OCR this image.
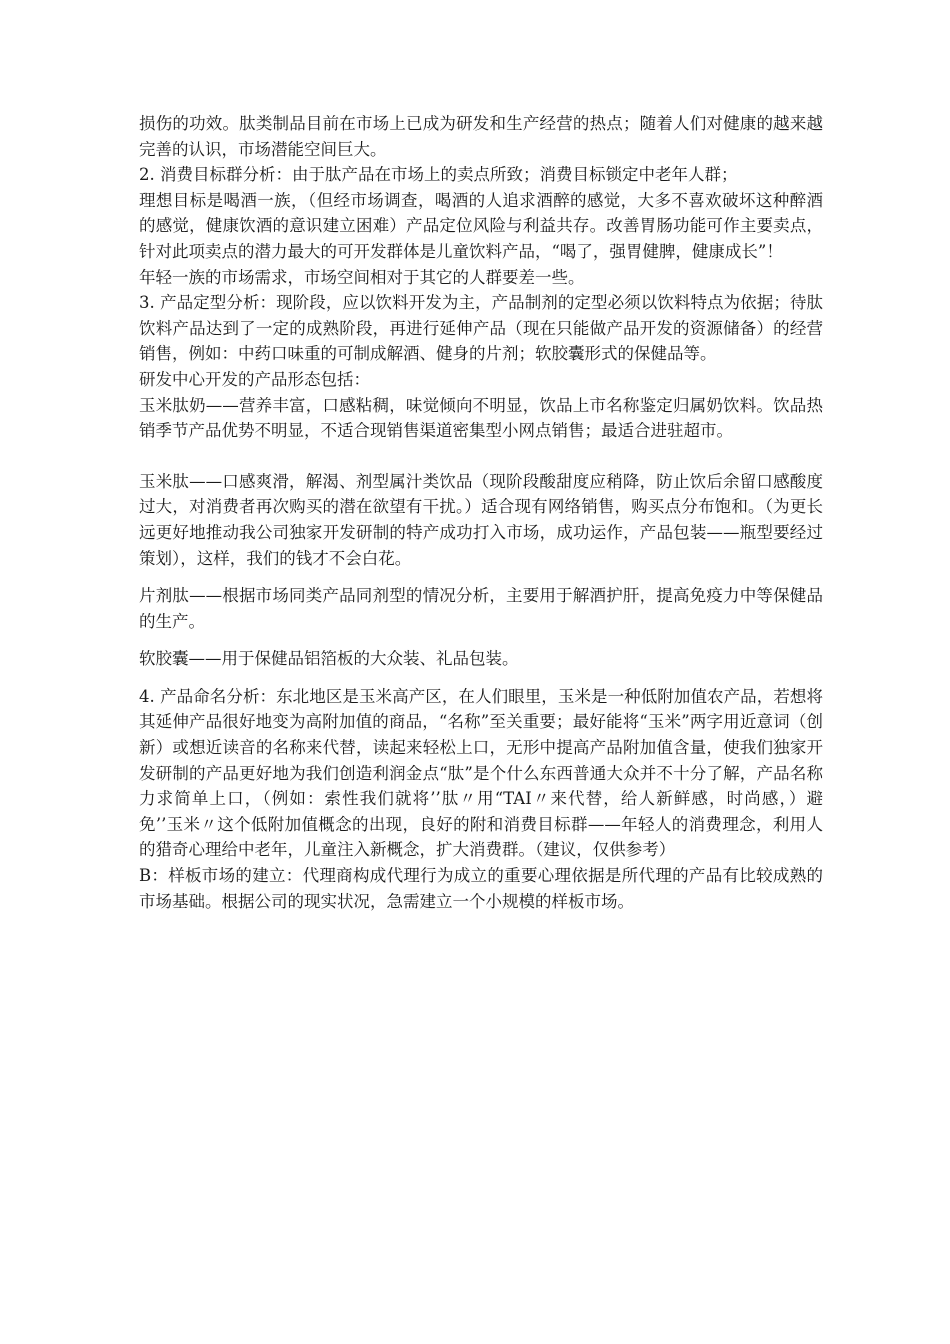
损伤的功效。肽类制品目前在市场上已成为研发和生产经营的热点；随着人们对健康的越来越完善的认识，市场潜能空间巨大。

2. 消费目标群分析：由于肽产品在市场上的卖点所致；消费目标锁定中老年人群；

理想目标是喝酒一族，（但经市场调查，喝酒的人追求酒醉的感觉，大多不喜欢破坏这种醉酒的感觉，健康饮酒的意识建立困难）产品定位风险与利益共存。改善胃肠功能可作主要卖点，针对此项卖点的潜力最大的可开发群体是儿童饮料产品，“喝了，强胃健脾，健康成长”！

年轻一族的市场需求，市场空间相对于其它的人群要差一些。

3. 产品定型分析：现阶段，应以饮料开发为主，产品制剂的定型必须以饮料特点为依据；待肽饮料产品达到了一定的成熟阶段，再进行延伸产品（现在只能做产品开发的资源储备）的经营销售，例如：中药口味重的可制成解酒、健身的片剂；软胶囊形式的保健品等。

研发中心开发的产品形态包括：

玉米肽奶——营养丰富，口感粘稠，味觉倾向不明显，饮品上市名称鉴定归属奶饮料。饮品热销季节产品优势不明显，不适合现销售渠道密集型小网点销售；最适合进驻超市。

玉米肽——口感爽滑，解渴、剂型属汁类饮品（现阶段酸甜度应稍降，防止饮后余留口感酸度过大，对消费者再次购买的潜在欲望有干扰。）适合现有网络销售，购买点分布饱和。（为更长远更好地推动我公司独家开发研制的特产成功打入市场，成功运作，产品包装——瓶型要经过策划），这样，我们的钱才不会白花。

片剂肽——根据市场同类产品同剂型的情况分析，主要用于解酒护肝，提高免疫力中等保健品的生产。

软胶囊——用于保健品铝箔板的大众装、礼品包装。

4. 产品命名分析：东北地区是玉米高产区，在人们眼里，玉米是一种低附加值农产品，若想将其延伸产品很好地变为高附加值的商品，“名称”至关重要；最好能将“玉米”两字用近意词（创新）或想近读音的名称来代替，读起来轻松上口，无形中提高产品附加值含量，使我们独家开发研制的产品更好地为我们创造利润金点“肽”是个什么东西普通大众并不十分了解，产品名称力求简单上口，（例如：索性我们就将’’肽〃用“TAI〃来代替，给人新鲜感，时尚感，）避免’’玉米〃这个低附加值概念的出现，良好的附和消费目标群——年轻人的消费理念，利用人的猎奇心理给中老年，儿童注入新概念，扩大消费群。（建议，仅供参考）

B：样板市场的建立：代理商构成代理行为成立的重要心理依据是所代理的产品有比较成熟的市场基础。根据公司的现实状况，急需建立一个小规模的样板市场。
